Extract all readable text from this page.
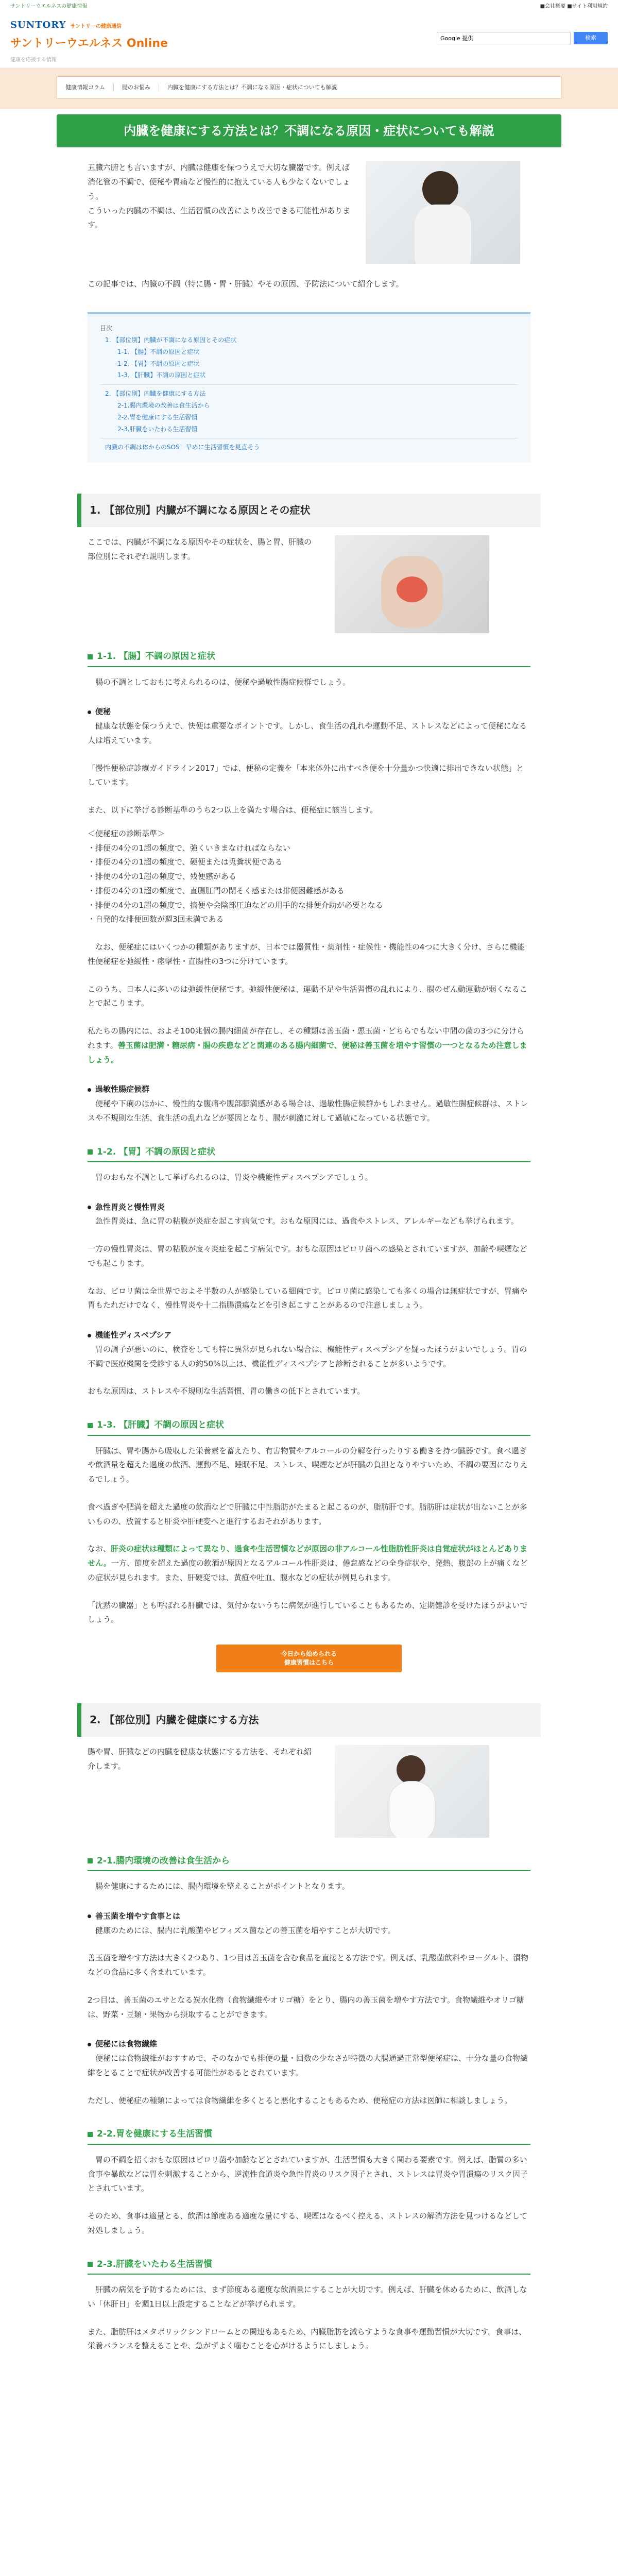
サントリーウエルネスの健康情報	■会社概要 ■サイト利用規約
SUNTORY サントリーの健康通信
サントリーウエルネス Online
健康を応援する情報
Google 提供
検索
健康情報コラム	腸のお悩み	内臓を健康にする方法とは？不調になる原因・症状についても解説
内臓を健康にする方法とは？不調になる原因・症状についても解説

五臓六腑とも言いますが、内臓は健康を保つうえで大切な臓器です。例えば消化管の不調で、便秘や胃痛など慢性的に抱えている人も少なくないでしょう。

こういった内臓の不調は、生活習慣の改善により改善できる可能性があります。

この記事では、内臓の不調（特に腸・胃・肝臓）やその原因、予防法について紹介します。

目次
1. 【部位別】内臓が不調になる原因とその症状
1-1. 【腸】不調の原因と症状
1-2. 【胃】不調の原因と症状
1-3. 【肝臓】不調の原因と症状
2. 【部位別】内臓を健康にする方法
2-1.腸内環境の改善は食生活から
2-2.胃を健康にする生活習慣
2-3.肝臓をいたわる生活習慣
内臓の不調は体からのSOS！早めに生活習慣を見直そう
1. 【部位別】内臓が不調になる原因とその症状

ここでは、内臓が不調になる原因やその症状を、腸と胃、肝臓の部位別にそれぞれ説明します。

1-1. 【腸】不調の原因と症状

腸の不調としておもに考えられるのは、便秘や過敏性腸症候群でしょう。

便秘

健康な状態を保つうえで、快便は重要なポイントです。しかし、食生活の乱れや運動不足、ストレスなどによって便秘になる人は増えています。

「慢性便秘症診療ガイドライン2017」では、便秘の定義を「本来体外に出すべき便を十分量かつ快適に排出できない状態」としています。

また、以下に挙げる診断基準のうち2つ以上を満たす場合は、便秘症に該当します。

＜便秘症の診断基準＞
・排便の4分の1超の頻度で、強くいきまなければならない
・排便の4分の1超の頻度で、硬便または兎糞状便である
・排便の4分の1超の頻度で、残便感がある
・排便の4分の1超の頻度で、直腸肛門の閉そく感または排便困難感がある
・排便の4分の1超の頻度で、摘便や会陰部圧迫などの用手的な排便介助が必要となる
・自発的な排便回数が週3回未満である

なお、便秘症にはいくつかの種類がありますが、日本では器質性・薬剤性・症候性・機能性の4つに大きく分け、さらに機能性便秘症を弛緩性・痙攣性・直腸性の3つに分けています。

このうち、日本人に多いのは弛緩性便秘です。弛緩性便秘は、運動不足や生活習慣の乱れにより、腸のぜん動運動が弱くなることで起こります。

私たちの腸内には、およそ100兆個の腸内細菌が存在し、その種類は善玉菌・悪玉菌・どちらでもない中間の菌の3つに分けられます。善玉菌は肥満・糖尿病・腸の疾患などと関連のある腸内細菌で、便秘は善玉菌を増やす習慣の一つとなるため注意しましょう。

過敏性腸症候群

便秘や下痢のほかに、慢性的な腹痛や腹部膨満感がある場合は、過敏性腸症候群かもしれません。過敏性腸症候群は、ストレスや不規則な生活、食生活の乱れなどが要因となり、腸が刺激に対して過敏になっている状態です。

1-2. 【胃】不調の原因と症状

胃のおもな不調として挙げられるのは、胃炎や機能性ディスペプシアでしょう。

急性胃炎と慢性胃炎

急性胃炎は、急に胃の粘膜が炎症を起こす病気です。おもな原因には、過食やストレス、アレルギーなども挙げられます。

一方の慢性胃炎は、胃の粘膜が度々炎症を起こす病気です。おもな原因はピロリ菌への感染とされていますが、加齢や喫煙などでも起こります。

なお、ピロリ菌は全世界でおよそ半数の人が感染している細菌です。ピロリ菌に感染しても多くの場合は無症状ですが、胃痛や胃もたれだけでなく、慢性胃炎や十二指腸潰瘍などを引き起こすことがあるので注意しましょう。

機能性ディスペプシア

胃の調子が悪いのに、検査をしても特に異常が見られない場合は、機能性ディスペプシアを疑ったほうがよいでしょう。胃の不調で医療機関を受診する人の約50%以上は、機能性ディスペプシアと診断されることが多いようです。

おもな原因は、ストレスや不規則な生活習慣、胃の働きの低下とされています。

1-3. 【肝臓】不調の原因と症状

肝臓は、胃や腸から吸収した栄養素を蓄えたり、有害物質やアルコールの分解を行ったりする働きを持つ臓器です。食べ過ぎや飲酒量を超えた過度の飲酒、運動不足、睡眠不足、ストレス、喫煙などが肝臓の負担となりやすいため、不調の要因になりえるでしょう。

食べ過ぎや肥満を超えた過度の飲酒などで肝臓に中性脂肪がたまると起こるのが、脂肪肝です。脂肪肝は症状が出ないことが多いものの、放置すると肝炎や肝硬変へと進行するおそれがあります。

なお、肝炎の症状は種類によって異なり、過食や生活習慣などが原因の非アルコール性脂肪性肝炎は自覚症状がほとんどありません。一方、節度を超えた過度の飲酒が原因となるアルコール性肝炎は、倦怠感などの全身症状や、発熱、腹部の上が痛くなどの症状が見られます。また、肝硬変では、黄疸や吐血、腹水などの症状が例見られます。

「沈黙の臓器」とも呼ばれる肝臓では、気付かないうちに病気が進行していることもあるため、定期健診を受けたほうがよいでしょう。

今日から始められる
健康習慣はこちら
2. 【部位別】内臓を健康にする方法

腸や胃、肝臓などの内臓を健康な状態にする方法を、それぞれ紹介します。

2-1.腸内環境の改善は食生活から

腸を健康にするためには、腸内環境を整えることがポイントとなります。

善玉菌を増やす食事とは

健康のためには、腸内に乳酸菌やビフィズス菌などの善玉菌を増やすことが大切です。

善玉菌を増やす方法は大きく2つあり、1つ目は善玉菌を含む食品を直接とる方法です。例えば、乳酸菌飲料やヨーグルト、漬物などの食品に多く含まれています。

2つ目は、善玉菌のエサとなる炭水化物（食物繊維やオリゴ糖）をとり、腸内の善玉菌を増やす方法です。食物繊維やオリゴ糖は、野菜・豆類・果物から摂取することができます。

便秘には食物繊維

便秘には食物繊維がおすすめで、そのなかでも排便の量・回数の少なさが特徴の大腸通過正常型便秘症は、十分な量の食物繊維をとることで症状が改善する可能性があるとされています。

ただし、便秘症の種類によっては食物繊維を多くとると悪化することもあるため、便秘症の方法は医師に相談しましょう。

2-2.胃を健康にする生活習慣

胃の不調を招くおもな原因はピロリ菌や加齢などとされていますが、生活習慣も大きく関わる要素です。例えば、脂質の多い食事や暴飲などは胃を刺激することから、逆流性食道炎や急性胃炎のリスク因子とされ、ストレスは胃炎や胃潰瘍のリスク因子とされています。

そのため、食事は適量とる、飲酒は節度ある適度な量にする、喫煙はなるべく控える、ストレスの解消方法を見つけるなどして対処しましょう。

2-3.肝臓をいたわる生活習慣

肝臓の病気を予防するためには、まず節度ある適度な飲酒量にすることが大切です。例えば、肝臓を休めるために、飲酒しない「休肝日」を週1日以上設定することなどが挙げられます。

また、脂肪肝はメタボリックシンドロームとの関連もあるため、内臓脂肪を減らすような食事や運動習慣が大切です。食事は、栄養バランスを整えることや、急がずよく噛むことを心がけるようにしましょう。
